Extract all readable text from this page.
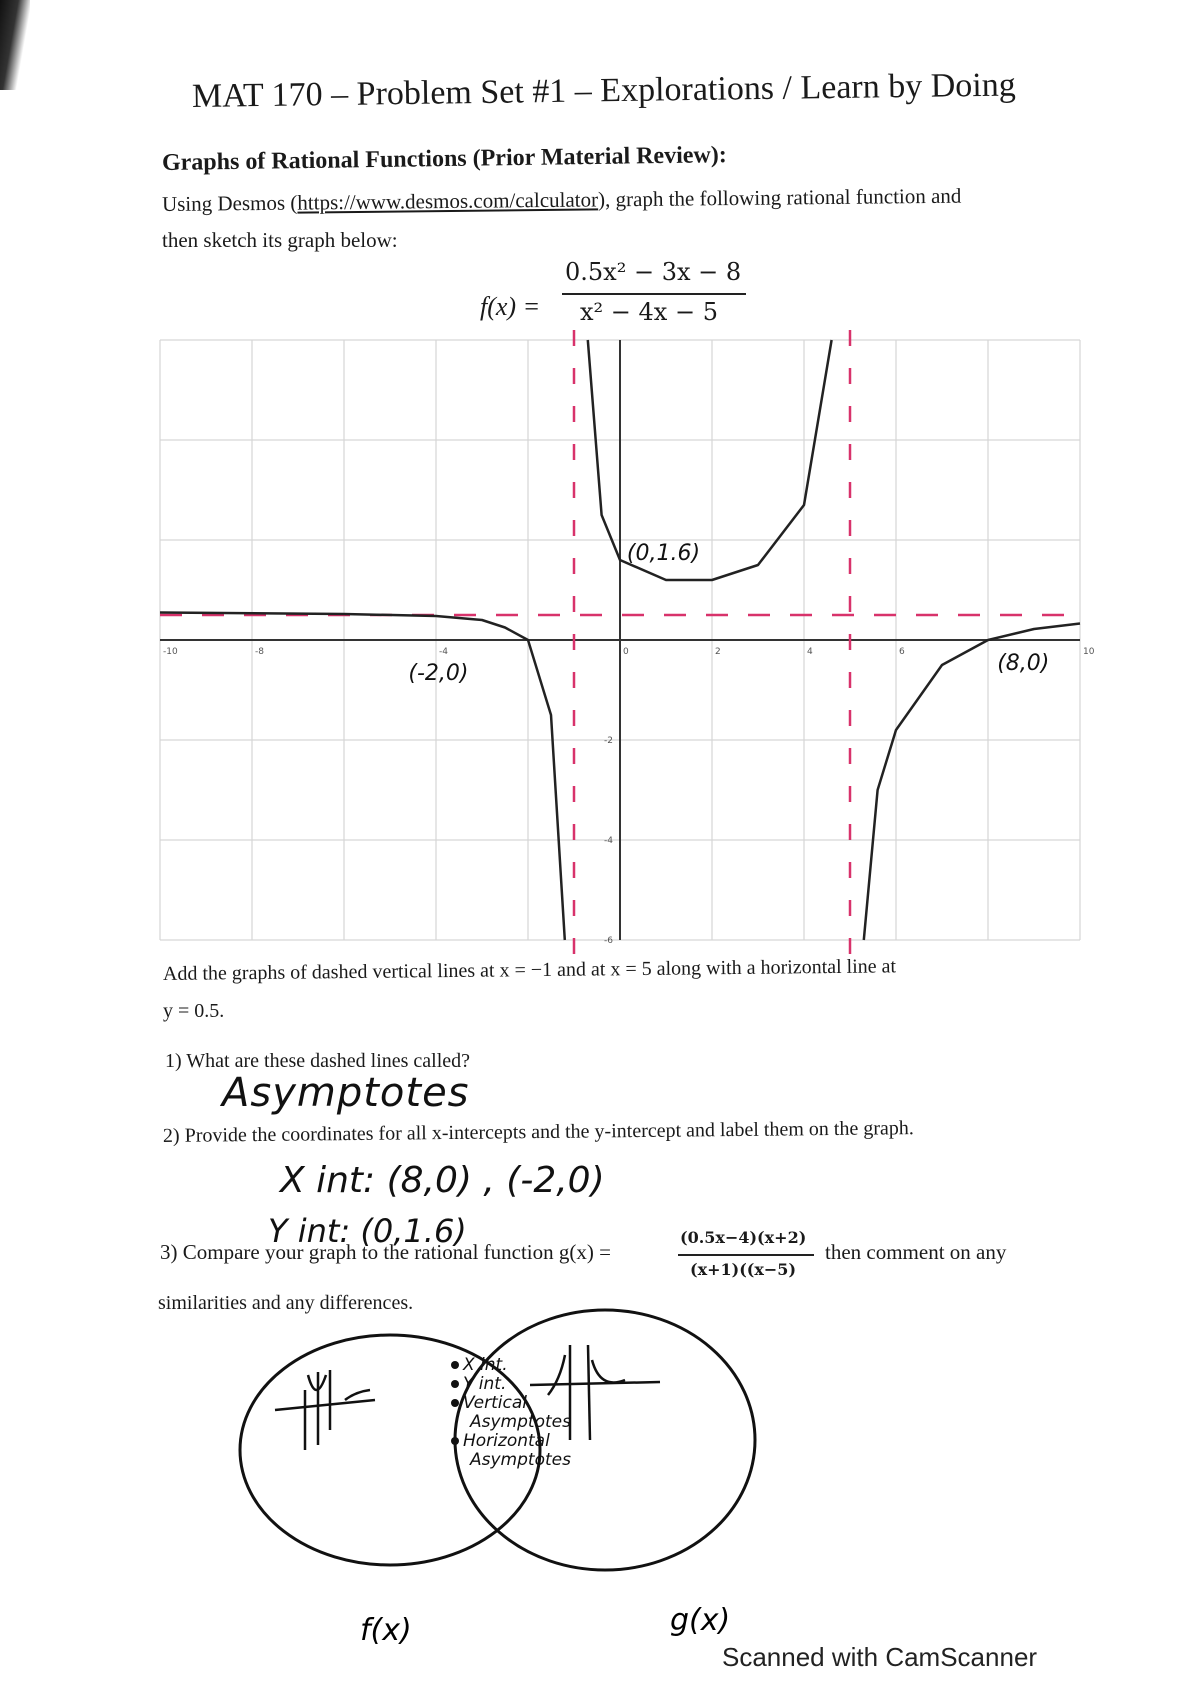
MAT 170 – Problem Set #1 – Explorations / Learn by Doing
Graphs of Rational Functions (Prior Material Review):
Using Desmos (https://www.desmos.com/calculator), graph the following rational function and
then sketch its graph below:
f(x) =
0.5x² − 3x − 8
x² − 4x − 5
-10	-8	-4	0	2	4	6	10
-2
-4
-6
(0,1.6)
(-2,0)	(8,0)
Add the graphs of dashed vertical lines at x = −1 and at x = 5 along with a horizontal line at
y = 0.5.
1) What are these dashed lines called?
Asymptotes
2) Provide the coordinates for all x-intercepts and the y-intercept and label them on the graph.
X int: (8,0) , (-2,0)
Y int: (0,1.6)
3) Compare your graph to the rational function g(x) =
(0.5x−4)(x+2)
(x+1)((x−5)
then comment on any
similarities and any differences.
X int.
Y int.
Vertical
Asymptotes
Horizontal
Asymptotes
f(x)	g(x)
Scanned with CamScanner
